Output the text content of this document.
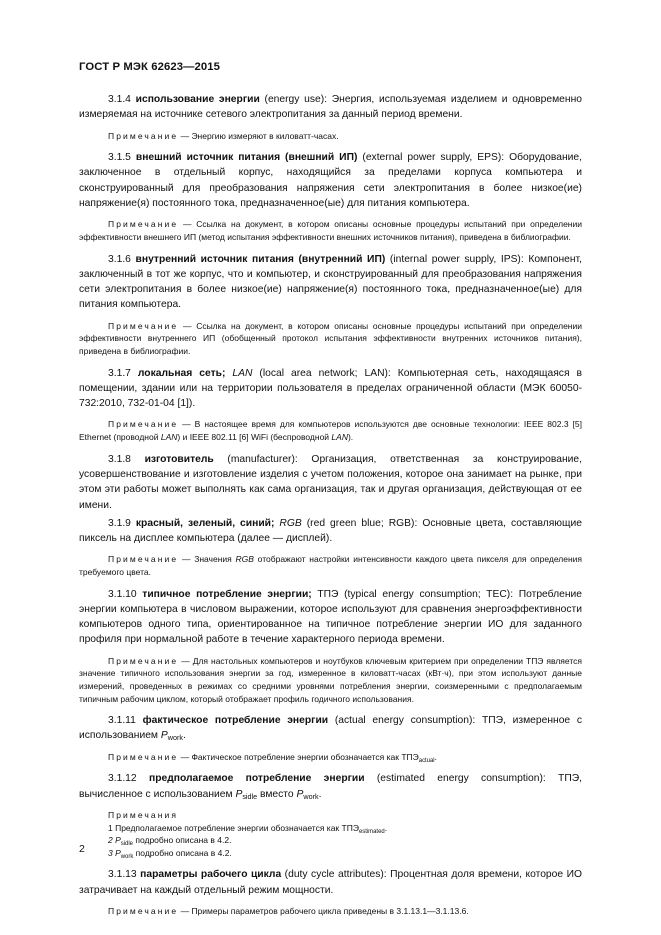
ГОСТ Р МЭК 62623—2015

3.1.4 использование энергии (energy use): Энергия, используемая изделием и одновременно измеряемая на источнике сетевого электропитания за данный период времени.

Примечание — Энергию измеряют в киловатт-часах.

3.1.5 внешний источник питания (внешний ИП) (external power supply, EPS): Оборудование, заключенное в отдельный корпус, находящийся за пределами корпуса компьютера и сконструированный для преобразования напряжения сети электропитания в более низкое(ие) напряжение(я) постоянного тока, предназначенное(ые) для питания компьютера.

Примечание — Ссылка на документ, в котором описаны основные процедуры испытаний при определении эффективности внешнего ИП (метод испытания эффективности внешних источников питания), приведена в библиографии.

3.1.6 внутренний источник питания (внутренний ИП) (internal power supply, IPS): Компонент, заключенный в тот же корпус, что и компьютер, и сконструированный для преобразования напряжения сети электропитания в более низкое(ие) напряжение(я) постоянного тока, предназначенное(ые) для питания компьютера.

Примечание — Ссылка на документ, в котором описаны основные процедуры испытаний при определении эффективности внутреннего ИП (обобщенный протокол испытания эффективности внутренних источников питания), приведена в библиографии.

3.1.7 локальная сеть; LAN (local area network; LAN): Компьютерная сеть, находящаяся в помещении, здании или на территории пользователя в пределах ограниченной области (МЭК 60050-732:2010, 732-01-04 [1]).

Примечание — В настоящее время для компьютеров используются две основные технологии: IEEE 802.3 [5] Ethernet (проводной LAN) и IEEE 802.11 [6] WiFi (беспроводной LAN).

3.1.8 изготовитель (manufacturer): Организация, ответственная за конструирование, усовершенствование и изготовление изделия с учетом положения, которое она занимает на рынке, при этом эти работы может выполнять как сама организация, так и другая организация, действующая от ее имени.

3.1.9 красный, зеленый, синий; RGB (red green blue; RGB): Основные цвета, составляющие пиксель на дисплее компьютера (далее — дисплей).

Примечание — Значения RGB отображают настройки интенсивности каждого цвета пикселя для определения требуемого цвета.

3.1.10 типичное потребление энергии; ТПЭ (typical energy consumption; TEC): Потребление энергии компьютера в числовом выражении, которое используют для сравнения энергоэффективности компьютеров одного типа, ориентированное на типичное потребление энергии ИО для заданного профиля при нормальной работе в течение характерного периода времени.

Примечание — Для настольных компьютеров и ноутбуков ключевым критерием при определении ТПЭ является значение типичного использования энергии за год, измеренное в киловатт-часах (кВт·ч), при этом используют данные измерений, проведенных в режимах со средними уровнями потребления энергии, соизмеренными с предполагаемым типичным рабочим циклом, который отображает профиль годичного использования.

3.1.11 фактическое потребление энергии (actual energy consumption): ТПЭ, измеренное с использованием $P_{work}$.

Примечание — Фактическое потребление энергии обозначается как $ТПЭ_{actual}$.

3.1.12 предполагаемое потребление энергии (estimated energy consumption): ТПЭ, вычисленное с использованием $P_{sidle}$ вместо $P_{work}$.

Примечания

1 Предполагаемое потребление энергии обозначается как $ТПЭ_{estimated}$.

2 $P_{sidle}$ подробно описана в 4.2.

3 $P_{work}$ подробно описана в 4.2.

3.1.13 параметры рабочего цикла (duty cycle attributes): Процентная доля времени, которое ИО затрачивает на каждый отдельный режим мощности.

Примечание — Примеры параметров рабочего цикла приведены в 3.1.13.1—3.1.13.6.

2
